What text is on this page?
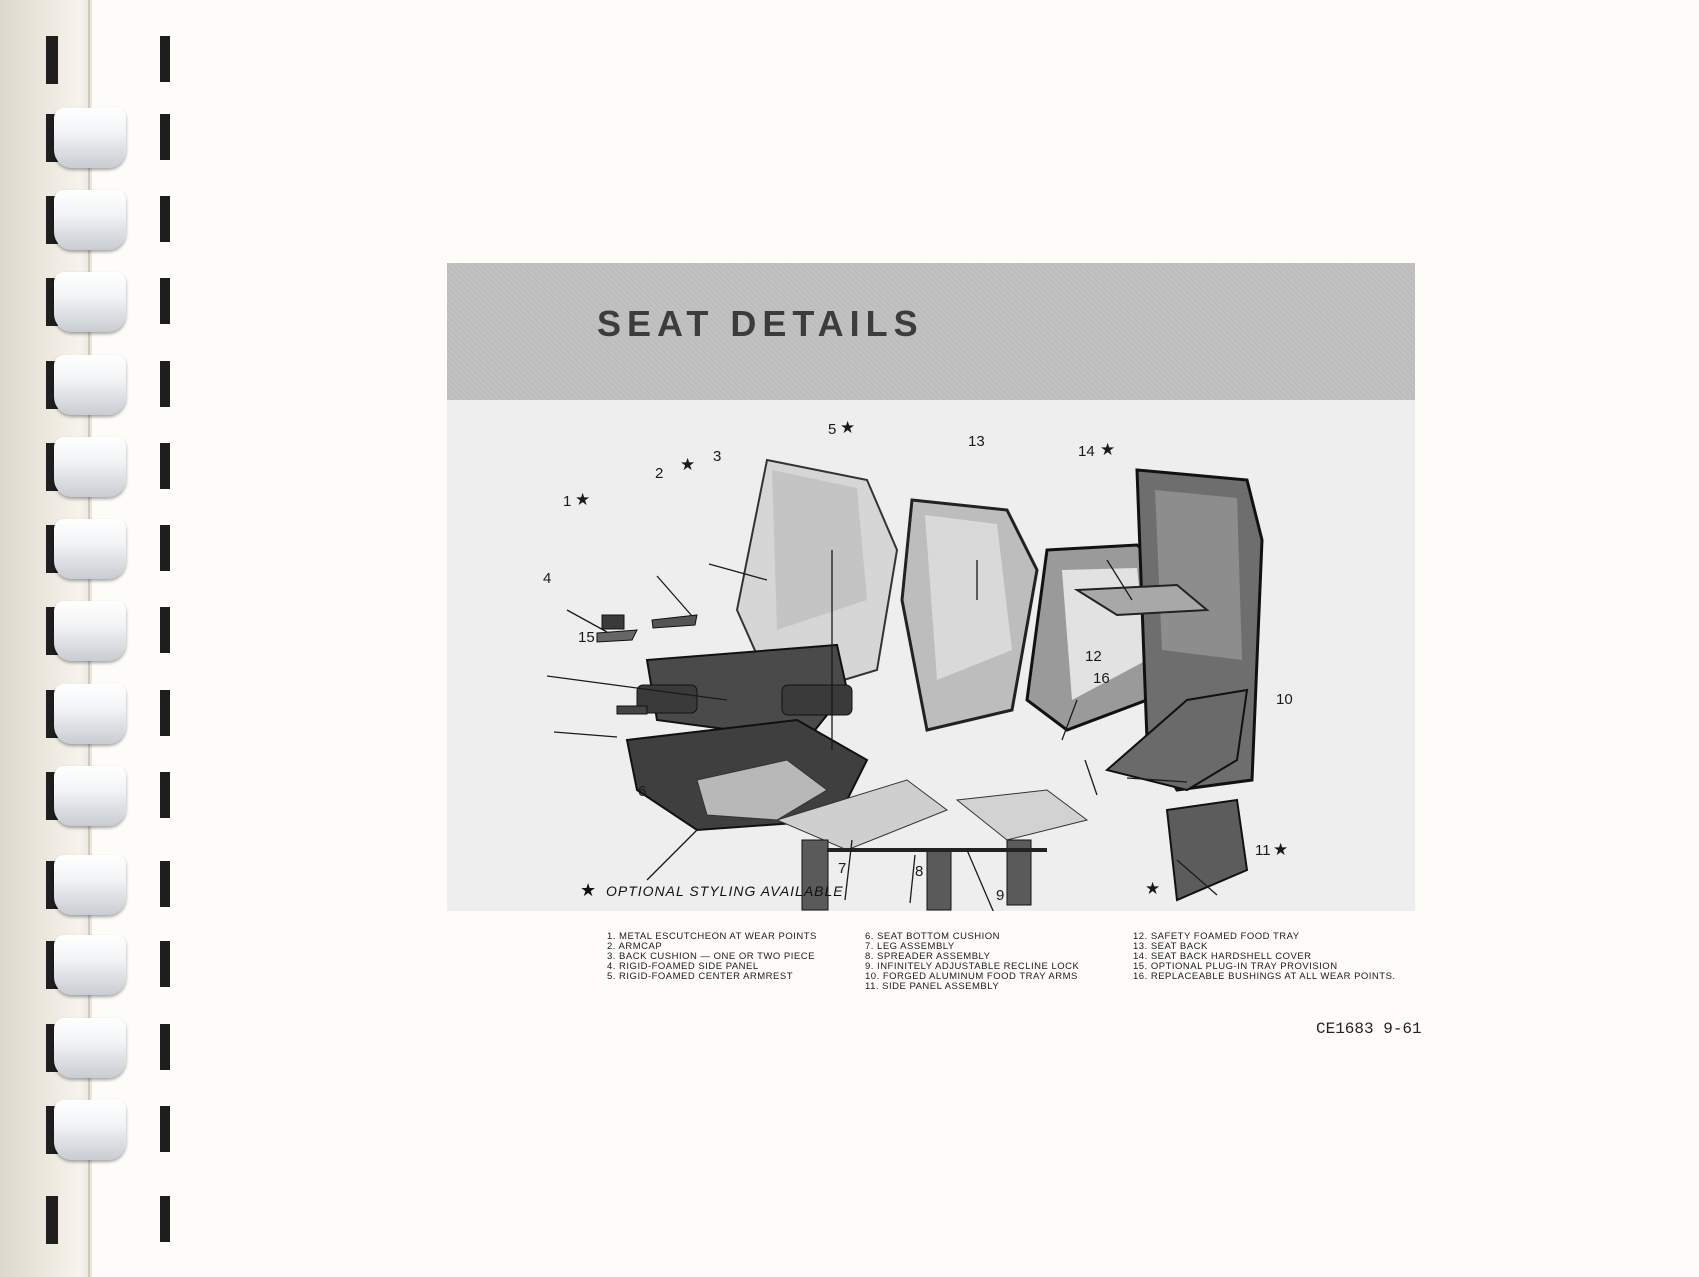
SEAT DETAILS
1 ★
2 ★ 3
4
5 ★
6
7	8
9
10
11 ★
12
13
14 ★
15
16
★
★ OPTIONAL STYLING AVAILABLE
1. METAL ESCUTCHEON AT WEAR POINTS
2. ARMCAP
3. BACK CUSHION — ONE OR TWO PIECE
4. RIGID-FOAMED SIDE PANEL
5. RIGID-FOAMED CENTER ARMREST
6. SEAT BOTTOM CUSHION
7. LEG ASSEMBLY
8. SPREADER ASSEMBLY
9. INFINITELY ADJUSTABLE RECLINE LOCK
10. FORGED ALUMINUM FOOD TRAY ARMS
11. SIDE PANEL ASSEMBLY
12. SAFETY FOAMED FOOD TRAY
13. SEAT BACK
14. SEAT BACK HARDSHELL COVER
15. OPTIONAL PLUG-IN TRAY PROVISION
16. REPLACEABLE BUSHINGS AT ALL WEAR POINTS.
CE1683 9-61
